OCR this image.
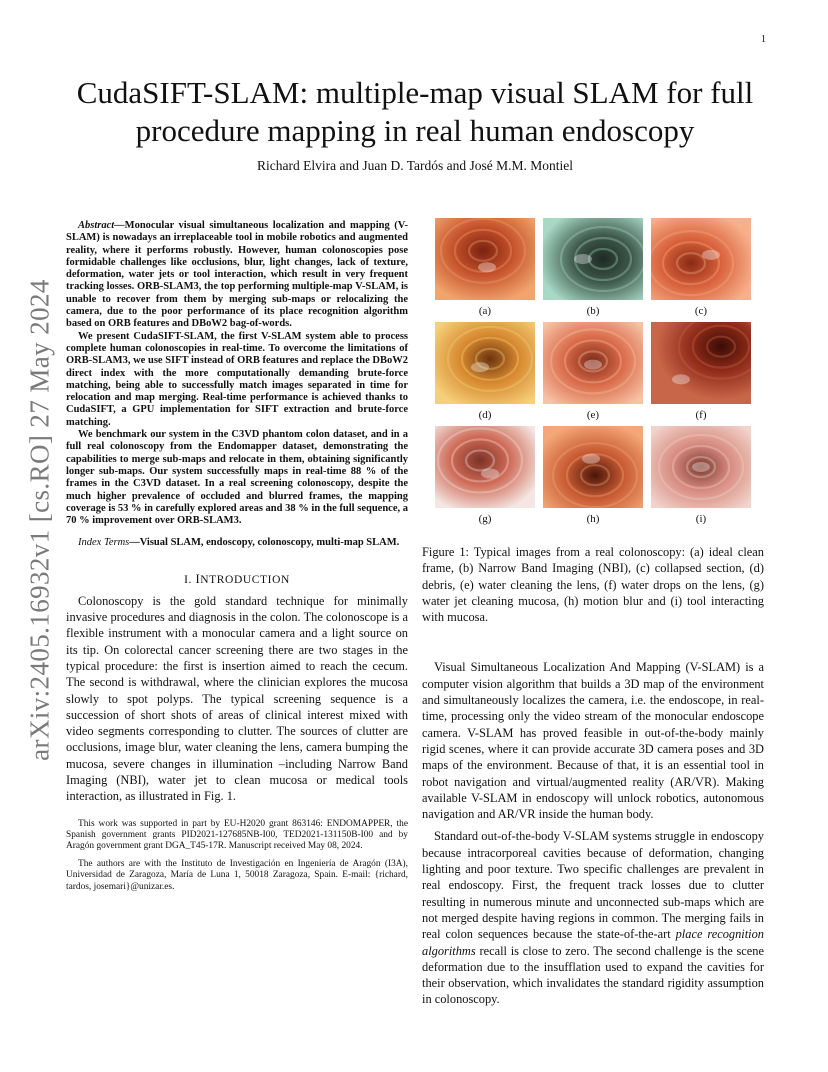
1
arXiv:2405.16932v1 [cs.RO] 27 May 2024
CudaSIFT-SLAM: multiple-map visual SLAM for full procedure mapping in real human endoscopy
Richard Elvira and Juan D. Tardós and José M.M. Montiel

Abstract—Monocular visual simultaneous localization and mapping (V-SLAM) is nowadays an irreplaceable tool in mobile robotics and augmented reality, where it performs robustly. However, human colonoscopies pose formidable challenges like occlusions, blur, light changes, lack of texture, deformation, water jets or tool interaction, which result in very frequent tracking losses. ORB-SLAM3, the top performing multiple-map V-SLAM, is unable to recover from them by merging sub-maps or relocalizing the camera, due to the poor performance of its place recognition algorithm based on ORB features and DBoW2 bag-of-words.

We present CudaSIFT-SLAM, the first V-SLAM system able to process complete human colonoscopies in real-time. To overcome the limitations of ORB-SLAM3, we use SIFT instead of ORB features and replace the DBoW2 direct index with the more computationally demanding brute-force matching, being able to successfully match images separated in time for relocation and map merging. Real-time performance is achieved thanks to CudaSIFT, a GPU implementation for SIFT extraction and brute-force matching.

We benchmark our system in the C3VD phantom colon dataset, and in a full real colonoscopy from the Endomapper dataset, demonstrating the capabilities to merge sub-maps and relocate in them, obtaining significantly longer sub-maps. Our system successfully maps in real-time 88 % of the frames in the C3VD dataset. In a real screening colonoscopy, despite the much higher prevalence of occluded and blurred frames, the mapping coverage is 53 % in carefully explored areas and 38 % in the full sequence, a 70 % improvement over ORB-SLAM3.

Index Terms—Visual SLAM, endoscopy, colonoscopy, multi-map SLAM.

I. INTRODUCTION

Colonoscopy is the gold standard technique for minimally invasive procedures and diagnosis in the colon. The colonoscope is a flexible instrument with a monocular camera and a light source on its tip. On colorectal cancer screening there are two stages in the typical procedure: the first is insertion aimed to reach the cecum. The second is withdrawal, where the clinician explores the mucosa slowly to spot polyps. The typical screening sequence is a succession of short shots of areas of clinical interest mixed with video segments corresponding to clutter. The sources of clutter are occlusions, image blur, water cleaning the lens, camera bumping the mucosa, severe changes in illumination –including Narrow Band Imaging (NBI), water jet to clean mucosa or medical tools interaction, as illustrated in Fig. 1.

This work was supported in part by EU-H2020 grant 863146: ENDOMAPPER, the Spanish government grants PID2021-127685NB-I00, TED2021-131150B-I00 and by Aragón government grant DGA_T45-17R. Manuscript received May 08, 2024.

The authors are with the Instituto de Investigación en Ingeniería de Aragón (I3A), Universidad de Zaragoza, María de Luna 1, 50018 Zaragoza, Spain. E-mail: {richard, tardos, josemari}@unizar.es.

(a)	(b)	(c)
(d)	(e)	(f)
(g)	(h)	(i)

Figure 1: Typical images from a real colonoscopy: (a) ideal clean frame, (b) Narrow Band Imaging (NBI), (c) collapsed section, (d) debris, (e) water cleaning the lens, (f) water drops on the lens, (g) water jet cleaning mucosa, (h) motion blur and (i) tool interacting with mucosa.

Visual Simultaneous Localization And Mapping (V-SLAM) is a computer vision algorithm that builds a 3D map of the environment and simultaneously localizes the camera, i.e. the endoscope, in real-time, processing only the video stream of the monocular endoscope camera. V-SLAM has proved feasible in out-of-the-body mainly rigid scenes, where it can provide accurate 3D camera poses and 3D maps of the environment. Because of that, it is an essential tool in robot navigation and virtual/augmented reality (AR/VR). Making available V-SLAM in endoscopy will unlock robotics, autonomous navigation and AR/VR inside the human body.

Standard out-of-the-body V-SLAM systems struggle in endoscopy because intracorporeal cavities because of deformation, changing lighting and poor texture. Two specific challenges are prevalent in real endoscopy. First, the frequent track losses due to clutter resulting in numerous minute and unconnected sub-maps which are not merged despite having regions in common. The merging fails in real colon sequences because the state-of-the-art place recognition algorithms recall is close to zero. The second challenge is the scene deformation due to the insufflation used to expand the cavities for their observation, which invalidates the standard rigidity assumption in colonoscopy.
